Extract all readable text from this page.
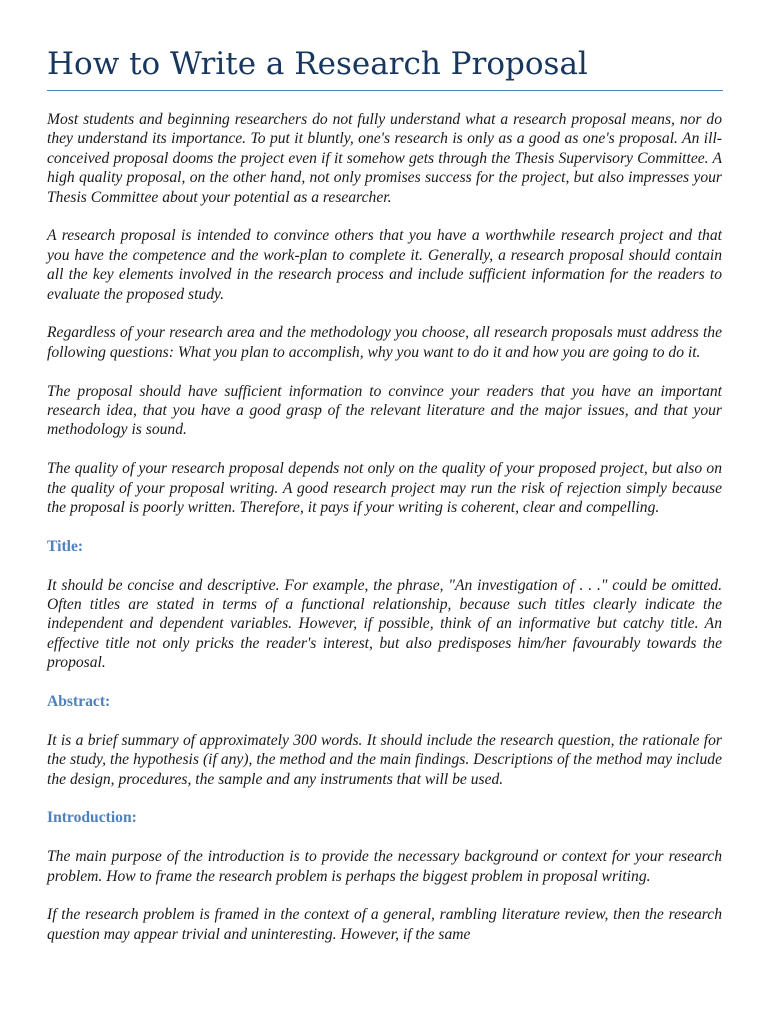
How to Write a Research Proposal

Most students and beginning researchers do not fully understand what a research proposal means, nor do they understand its importance. To put it bluntly, one's research is only as a good as one's proposal. An ill-conceived proposal dooms the project even if it somehow gets through the Thesis Supervisory Committee. A high quality proposal, on the other hand, not only promises success for the project, but also impresses your Thesis Committee about your potential as a researcher.

A research proposal is intended to convince others that you have a worthwhile research project and that you have the competence and the work-plan to complete it. Generally, a research proposal should contain all the key elements involved in the research process and include sufficient information for the readers to evaluate the proposed study.

Regardless of your research area and the methodology you choose, all research proposals must address the following questions: What you plan to accomplish, why you want to do it and how you are going to do it.

The proposal should have sufficient information to convince your readers that you have an important research idea, that you have a good grasp of the relevant literature and the major issues, and that your methodology is sound.

The quality of your research proposal depends not only on the quality of your proposed project, but also on the quality of your proposal writing. A good research project may run the risk of rejection simply because the proposal is poorly written. Therefore, it pays if your writing is coherent, clear and compelling.

Title:

It should be concise and descriptive. For example, the phrase, "An investigation of . . ." could be omitted. Often titles are stated in terms of a functional relationship, because such titles clearly indicate the independent and dependent variables. However, if possible, think of an informative but catchy title. An effective title not only pricks the reader's interest, but also predisposes him/her favourably towards the proposal.

Abstract:

It is a brief summary of approximately 300 words. It should include the research question, the rationale for the study, the hypothesis (if any), the method and the main findings. Descriptions of the method may include the design, procedures, the sample and any instruments that will be used.

Introduction:

The main purpose of the introduction is to provide the necessary background or context for your research problem. How to frame the research problem is perhaps the biggest problem in proposal writing.

If the research problem is framed in the context of a general, rambling literature review, then the research question may appear trivial and uninteresting. However, if the same
